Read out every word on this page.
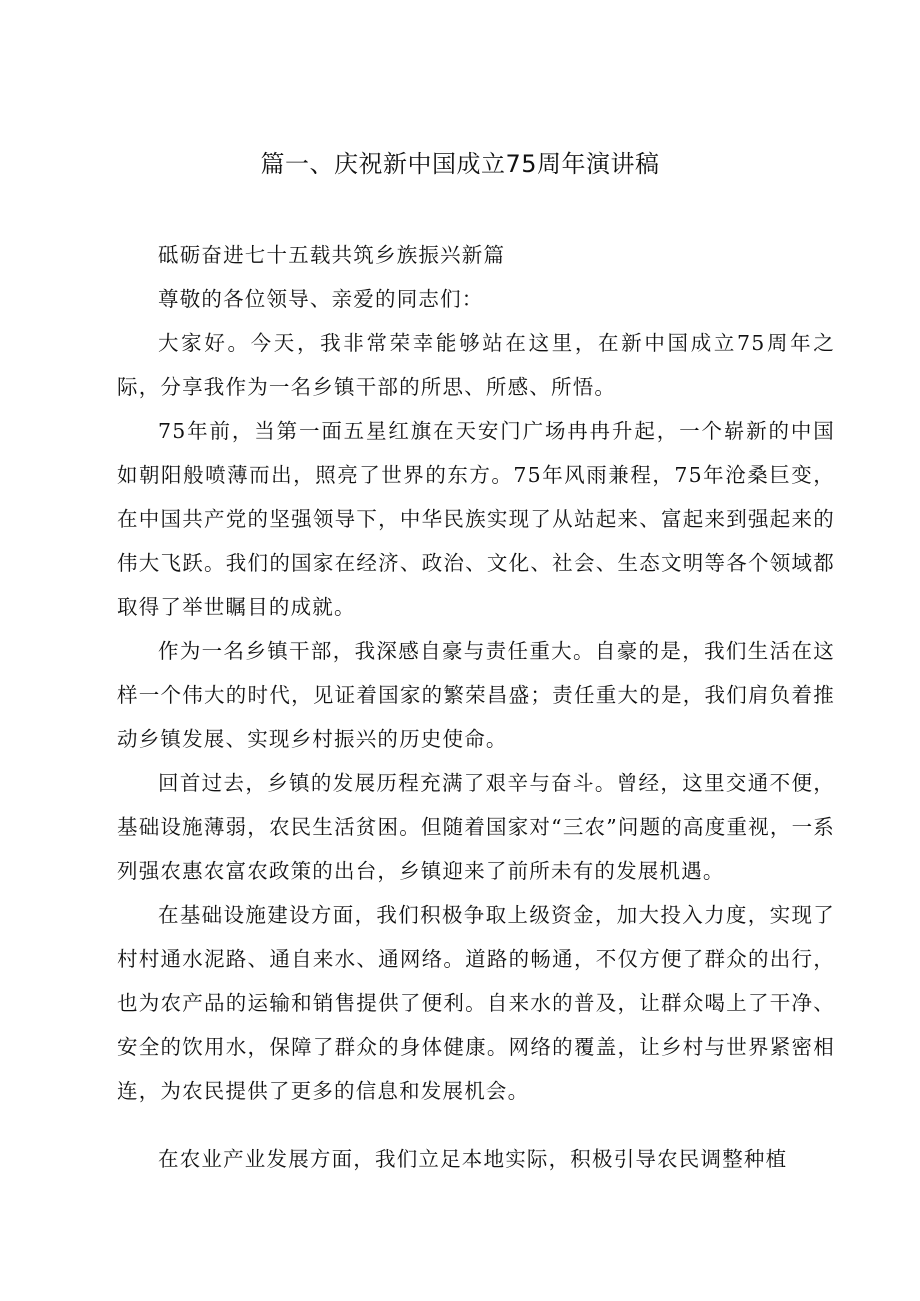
篇一、庆祝新中国成立75周年演讲稿

砥砺奋进七十五载共筑乡族振兴新篇

尊敬的各位领导、亲爱的同志们：

大家好。今天，我非常荣幸能够站在这里，在新中国成立75周年之际，分享我作为一名乡镇干部的所思、所感、所悟。

75年前，当第一面五星红旗在天安门广场冉冉升起，一个崭新的中国如朝阳般喷薄而出，照亮了世界的东方。75年风雨兼程，75年沧桑巨变，在中国共产党的坚强领导下，中华民族实现了从站起来、富起来到强起来的伟大飞跃。我们的国家在经济、政治、文化、社会、生态文明等各个领域都取得了举世瞩目的成就。

作为一名乡镇干部，我深感自豪与责任重大。自豪的是，我们生活在这样一个伟大的时代，见证着国家的繁荣昌盛；责任重大的是，我们肩负着推动乡镇发展、实现乡村振兴的历史使命。

回首过去，乡镇的发展历程充满了艰辛与奋斗。曾经，这里交通不便，基础设施薄弱，农民生活贫困。但随着国家对“三农”问题的高度重视，一系列强农惠农富农政策的出台，乡镇迎来了前所未有的发展机遇。

在基础设施建设方面，我们积极争取上级资金，加大投入力度，实现了村村通水泥路、通自来水、通网络。道路的畅通，不仅方便了群众的出行，也为农产品的运输和销售提供了便利。自来水的普及，让群众喝上了干净、安全的饮用水，保障了群众的身体健康。网络的覆盖，让乡村与世界紧密相连，为农民提供了更多的信息和发展机会。

在农业产业发展方面，我们立足本地实际，积极引导农民调整种植
